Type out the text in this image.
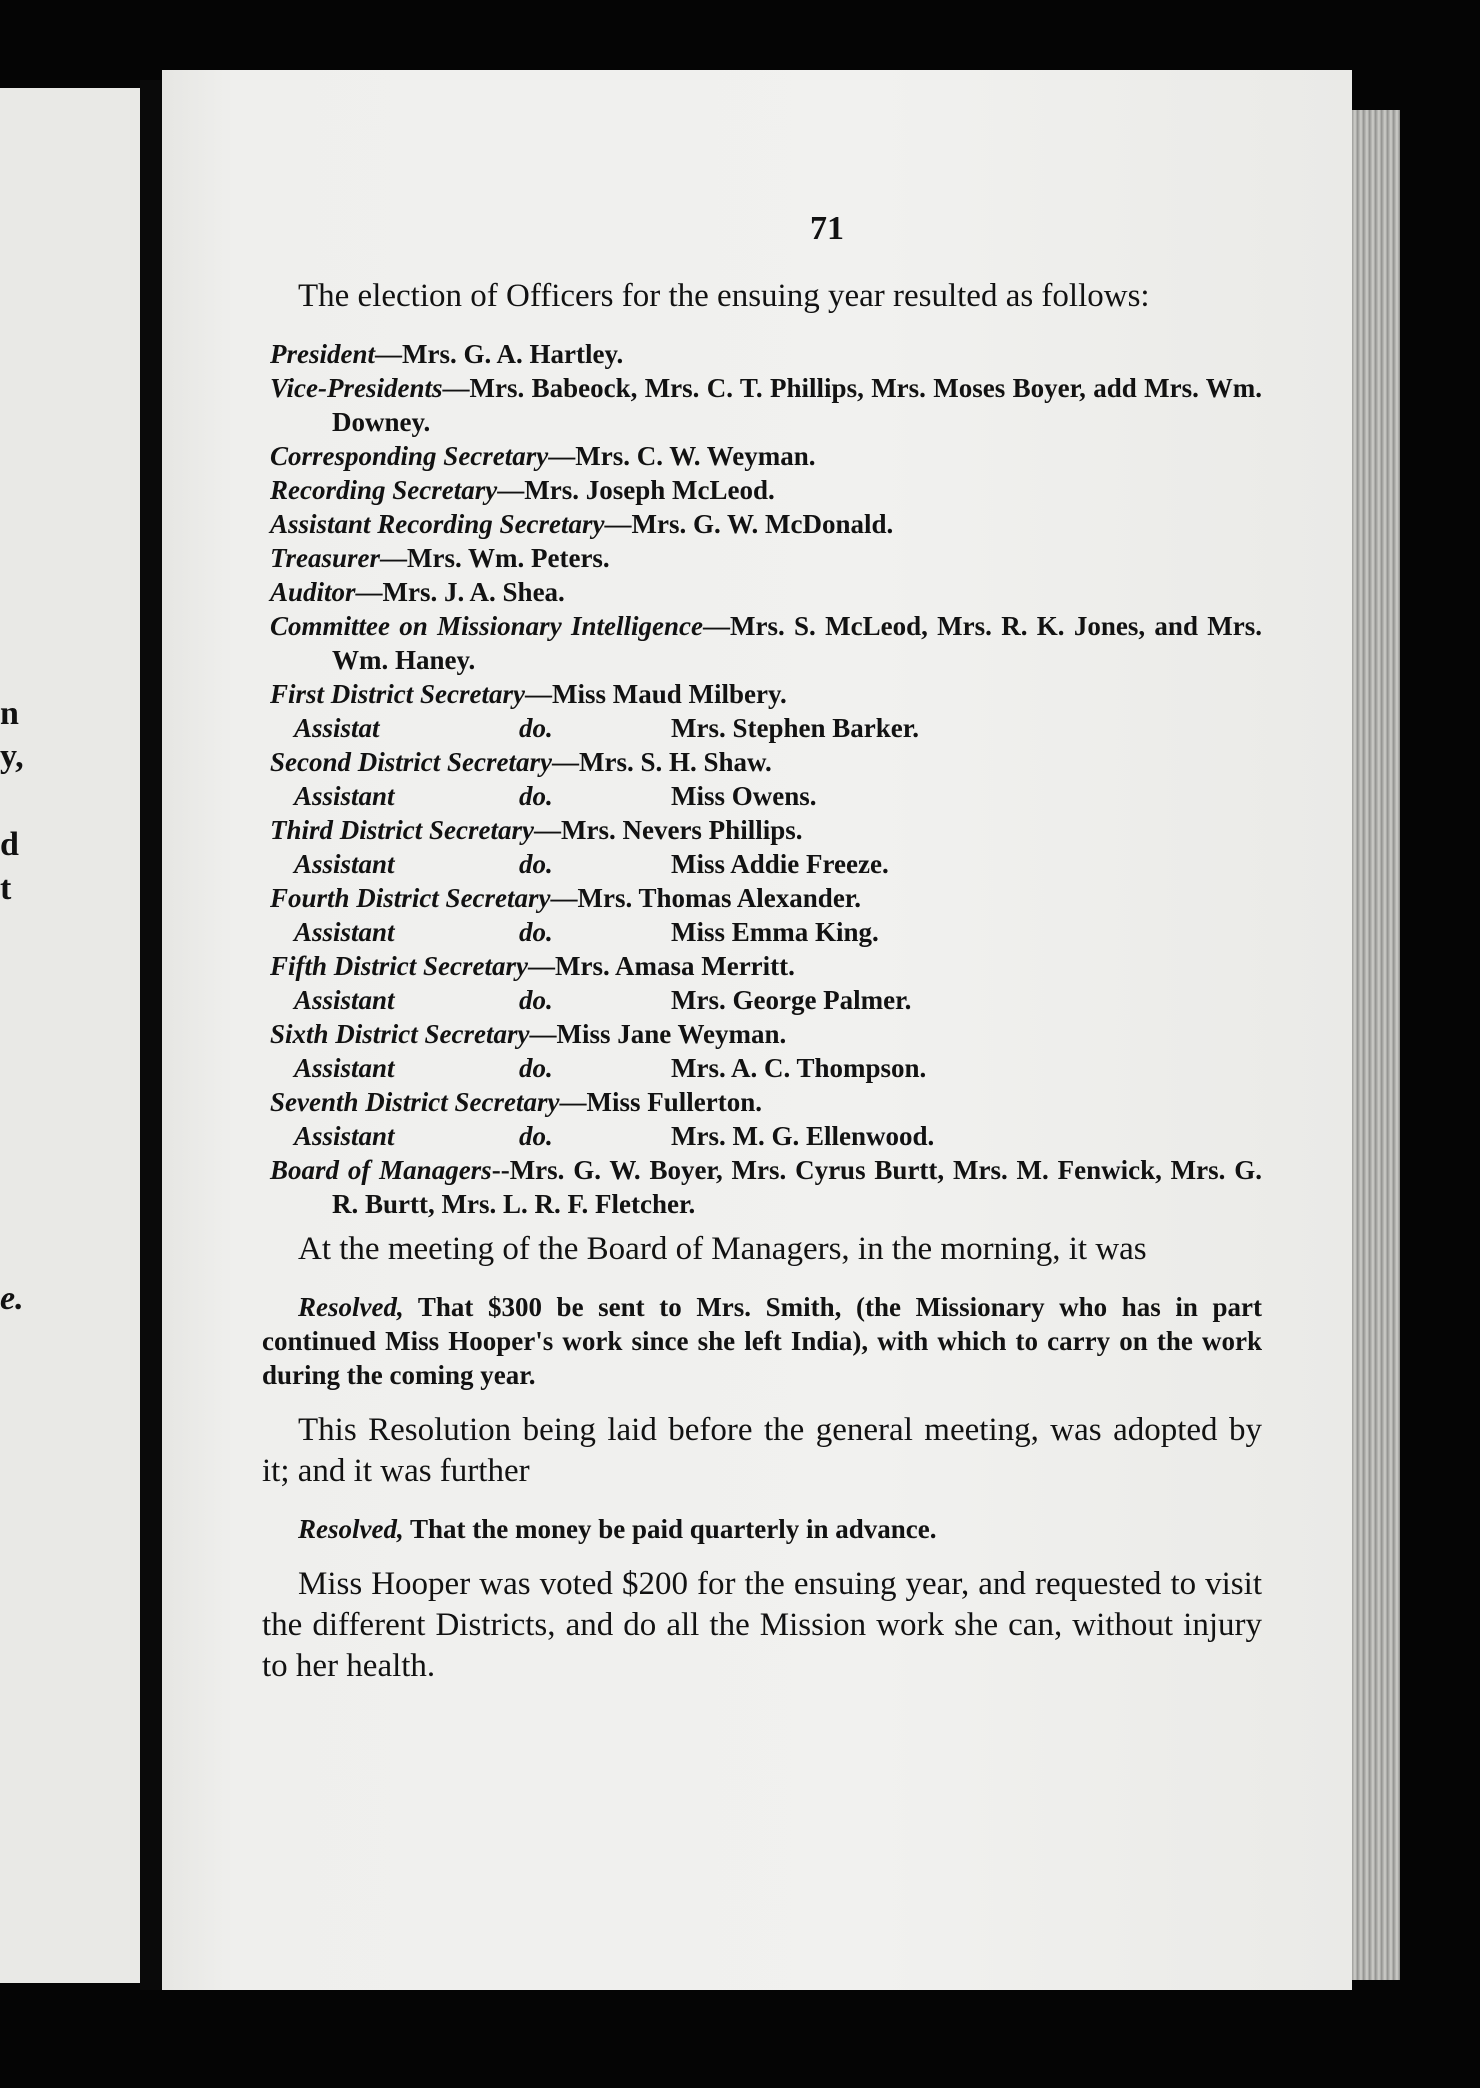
n
y,
d
t
e.
71

The election of Officers for the ensuing year resulted as follows:

President—Mrs. G. A. Hartley.

Vice-Presidents—Mrs. Babeock, Mrs. C. T. Phillips, Mrs. Moses Boyer, add Mrs. Wm. Downey.

Corresponding Secretary—Mrs. C. W. Weyman.

Recording Secretary—Mrs. Joseph McLeod.

Assistant Recording Secretary—Mrs. G. W. McDonald.

Treasurer—Mrs. Wm. Peters.

Auditor—Mrs. J. A. Shea.

Committee on Missionary Intelligence—Mrs. S. McLeod, Mrs. R. K. Jones, and Mrs. Wm. Haney.

First District Secretary—Miss Maud Milbery.

Assistat	do.	Mrs. Stephen Barker.

Second District Secretary—Mrs. S. H. Shaw.

Assistant	do.	Miss Owens.

Third District Secretary—Mrs. Nevers Phillips.

Assistant	do.	Miss Addie Freeze.

Fourth District Secretary—Mrs. Thomas Alexander.

Assistant	do.	Miss Emma King.

Fifth District Secretary—Mrs. Amasa Merritt.

Assistant	do.	Mrs. George Palmer.

Sixth District Secretary—Miss Jane Weyman.

Assistant	do.	Mrs. A. C. Thompson.

Seventh District Secretary—Miss Fullerton.

Assistant	do.	Mrs. M. G. Ellenwood.

Board of Managers--Mrs. G. W. Boyer, Mrs. Cyrus Burtt, Mrs. M. Fenwick, Mrs. G. R. Burtt, Mrs. L. R. F. Fletcher.

At the meeting of the Board of Managers, in the morning, it was

Resolved, That $300 be sent to Mrs. Smith, (the Missionary who has in part continued Miss Hooper's work since she left India), with which to carry on the work during the coming year.

This Resolution being laid before the general meeting, was adopted by it; and it was further

Resolved, That the money be paid quarterly in advance.

Miss Hooper was voted $200 for the ensuing year, and requested to visit the different Districts, and do all the Mission work she can, without injury to her health.
